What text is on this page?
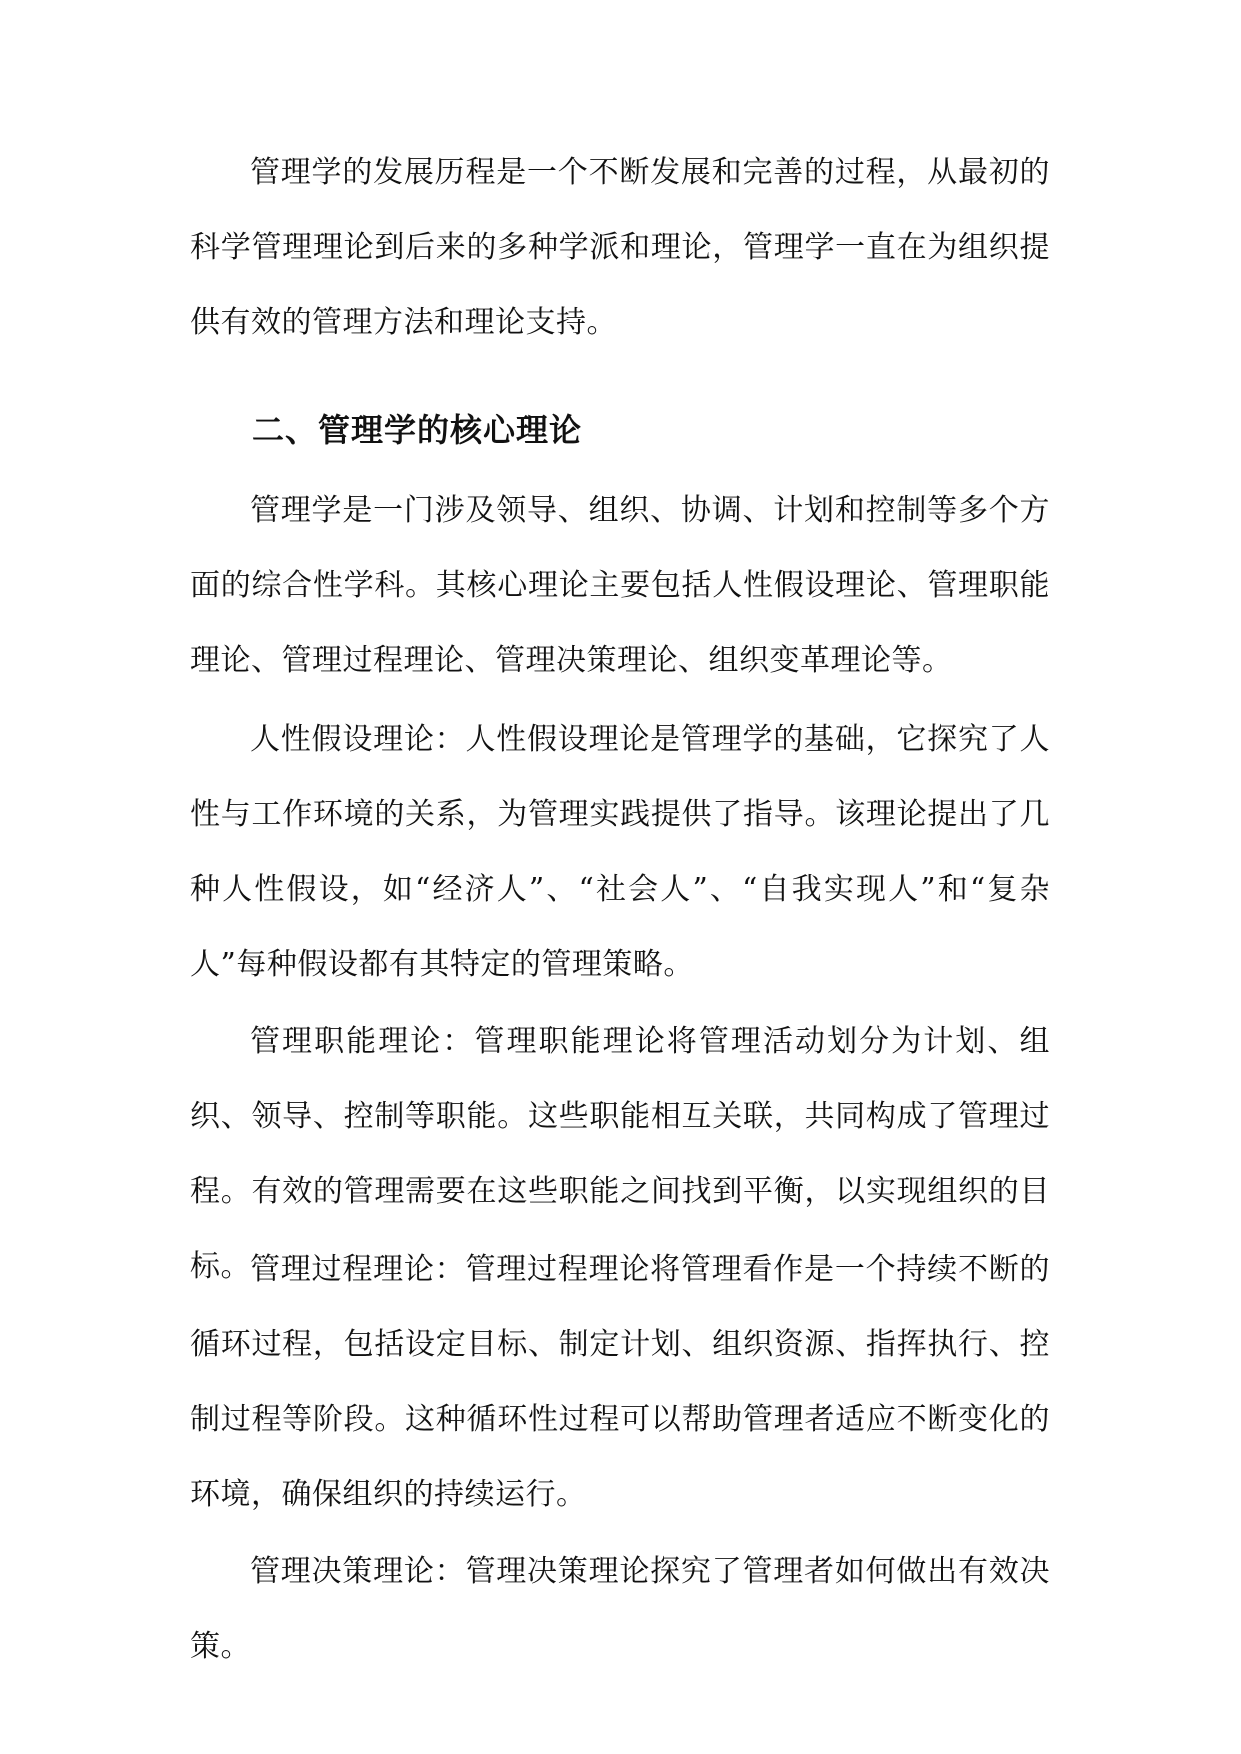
管理学的发展历程是一个不断发展和完善的过程，从最初的科学管理理论到后来的多种学派和理论，管理学一直在为组织提供有效的管理方法和理论支持。

二、管理学的核心理论

管理学是一门涉及领导、组织、协调、计划和控制等多个方面的综合性学科。其核心理论主要包括人性假设理论、管理职能理论、管理过程理论、管理决策理论、组织变革理论等。

人性假设理论：人性假设理论是管理学的基础，它探究了人性与工作环境的关系，为管理实践提供了指导。该理论提出了几种人性假设，如“经济人”、“社会人”、“自我实现人”和“复杂人”每种假设都有其特定的管理策略。

管理职能理论：管理职能理论将管理活动划分为计划、组织、领导、控制等职能。这些职能相互关联，共同构成了管理过程。有效的管理需要在这些职能之间找到平衡，以实现组织的目标。 管理过程理论：管理过程理论将管理看作是一个持续不断的循环过程，包括设定目标、制定计划、组织资源、指挥执行、控制过程等阶段。这种循环性过程可以帮助管理者适应不断变化的环境，确保组织的持续运行。

管理决策理论：管理决策理论探究了管理者如何做出有效决策。
